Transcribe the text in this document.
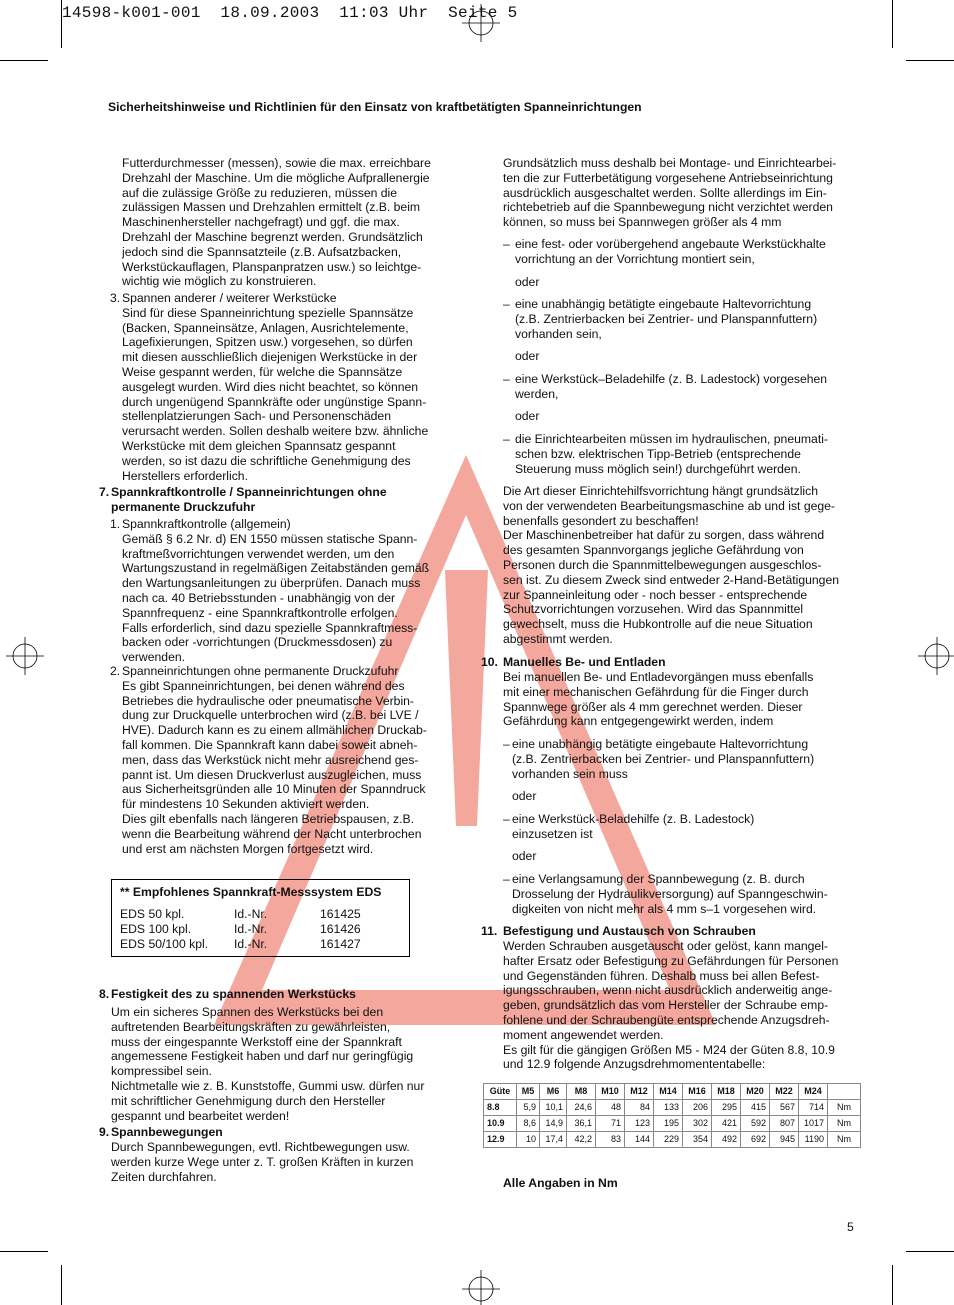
14598-k001-001  18.09.2003  11:03 Uhr  Seite 5
Sicherheitshinweise und Richtlinien für den Einsatz von kraftbetätigten Spanneinrichtungen

Futterdurchmesser (messen), sowie die max. erreichbare

Drehzahl der Maschine. Um die mögliche Aufprallenergie

auf die zulässige Größe zu reduzieren, müssen die

zulässigen Massen und Drehzahlen ermittelt (z.B. beim

Maschinenhersteller nachgefragt) und ggf. die max.

Drehzahl der Maschine begrenzt werden. Grundsätzlich

jedoch sind die Spannsatzteile (z.B. Aufsatzbacken,

Werkstückauflagen, Planspanpratzen usw.) so leichtge-

wichtig wie möglich zu konstruieren.

3. Spannen anderer / weiterer Werkstücke

Sind für diese Spanneinrichtung spezielle Spannsätze

(Backen, Spanneinsätze, Anlagen, Ausrichtelemente,

Lagefixierungen, Spitzen usw.) vorgesehen, so dürfen

mit diesen ausschließlich diejenigen Werkstücke in der

Weise gespannt werden, für welche die Spannsätze

ausgelegt wurden. Wird dies nicht beachtet, so können

durch ungenügend Spannkräfte oder ungünstige Spann-

stellenplatzierungen Sach- und Personenschäden

verursacht werden. Sollen deshalb weitere bzw. ähnliche

Werkstücke mit dem gleichen Spannsatz gespannt

werden, so ist dazu die schriftliche Genehmigung des

Herstellers erforderlich.

7. Spannkraftkontrolle / Spanneinrichtungen ohne

permanente Druckzufuhr

1. Spannkraftkontrolle (allgemein)

Gemäß § 6.2 Nr. d) EN 1550 müssen statische Spann-

kraftmeßvorrichtungen verwendet werden, um den

Wartungszustand in regelmäßigen Zeitabständen gemäß

den Wartungsanleitungen zu überprüfen. Danach muss

nach ca. 40 Betriebsstunden - unabhängig von der

Spannfrequenz - eine Spannkraftkontrolle erfolgen.

Falls erforderlich, sind dazu spezielle Spannkraftmess-

backen oder -vorrichtungen (Druckmessdosen) zu

verwenden.

2. Spanneinrichtungen ohne permanente Druckzufuhr

Es gibt Spanneinrichtungen, bei denen während des

Betriebes die hydraulische oder pneumatische Verbin-

dung zur Druckquelle unterbrochen wird (z.B. bei LVE /

HVE). Dadurch kann es zu einem allmählichen Druckab-

fall kommen. Die Spannkraft kann dabei soweit abneh-

men, dass das Werkstück nicht mehr ausreichend ges-

pannt ist. Um diesen Druckverlust auszugleichen, muss

aus Sicherheitsgründen alle 10 Minuten der Spanndruck

für mindestens 10 Sekunden aktiviert werden.

Dies gilt ebenfalls nach längeren Betriebspausen, z.B.

wenn die Bearbeitung während der Nacht unterbrochen

und erst am nächsten Morgen fortgesetzt wird.

** Empfohlenes Spannkraft-Messsystem EDS
EDS 50 kpl.	Id.-Nr.	161425
EDS 100 kpl.	Id.-Nr.	161426
EDS 50/100 kpl. Id.-Nr.	161427
8. Festigkeit des zu spannenden Werkstücks

Um ein sicheres Spannen des Werkstücks bei den

auftretenden Bearbeitungskräften zu gewährleisten,

muss der eingespannte Werkstoff eine der Spannkraft

angemessene Festigkeit haben und darf nur geringfügig

kompressibel sein.

Nichtmetalle wie z. B. Kunststoffe, Gummi usw. dürfen nur

mit schriftlicher Genehmigung durch den Hersteller

gespannt und bearbeitet werden!

9. Spannbewegungen

Durch Spannbewegungen, evtl. Richtbewegungen usw.

werden kurze Wege unter z. T. großen Kräften in kurzen

Zeiten durchfahren.

Grundsätzlich muss deshalb bei Montage- und Einrichtearbei-

ten die zur Futterbetätigung vorgesehene Antriebseinrichtung

ausdrücklich ausgeschaltet werden. Sollte allerdings im Ein-

richtebetrieb auf die Spannbewegung nicht verzichtet werden

können, so muss bei Spannwegen größer als 4 mm

– eine fest- oder vorübergehend angebaute Werkstückhalte

vorrichtung an der Vorrichtung montiert sein,

oder
– eine unabhängig betätigte eingebaute Haltevorrichtung

(z.B. Zentrierbacken bei Zentrier- und Planspannfuttern)

vorhanden sein,

oder
– eine Werkstück–Beladehilfe (z. B. Ladestock) vorgesehen

werden,

oder
– die Einrichtearbeiten müssen im hydraulischen, pneumati-

schen bzw. elektrischen Tipp-Betrieb (entsprechende

Steuerung muss möglich sein!) durchgeführt werden.

Die Art dieser Einrichtehilfsvorrichtung hängt grundsätzlich

von der verwendeten Bearbeitungsmaschine ab und ist gege-

benenfalls gesondert zu beschaffen!

Der Maschinenbetreiber hat dafür zu sorgen, dass während

des gesamten Spannvorgangs jegliche Gefährdung von

Personen durch die Spannmittelbewegungen ausgeschlos-

sen ist. Zu diesem Zweck sind entweder 2-Hand-Betätigungen

zur Spanneinleitung oder - noch besser - entsprechende

Schutzvorrichtungen vorzusehen. Wird das Spannmittel

gewechselt, muss die Hubkontrolle auf die neue Situation

abgestimmt werden.

10. Manuelles Be- und Entladen

Bei manuellen Be- und Entladevorgängen muss ebenfalls

mit einer mechanischen Gefährdung für die Finger durch

Spannwege größer als 4 mm gerechnet werden. Dieser

Gefährdung kann entgegengewirkt werden, indem

– eine unabhängig betätigte eingebaute Haltevorrichtung

(z.B. Zentrierbacken bei Zentrier- und Planspannfuttern)

vorhanden sein muss

oder
– eine Werkstück-Beladehilfe (z. B. Ladestock)

einzusetzen ist

oder
– eine Verlangsamung der Spannbewegung (z. B. durch

Drosselung der Hydraulikversorgung) auf Spanngeschwin-

digkeiten von nicht mehr als 4 mm s–1 vorgesehen wird.

11. Befestigung und Austausch von Schrauben

Werden Schrauben ausgetauscht oder gelöst, kann mangel-

hafter Ersatz oder Befestigung zu Gefährdungen für Personen

und Gegenständen führen. Deshalb muss bei allen Befest-

igungsschrauben, wenn nicht ausdrücklich anderweitig ange-

geben, grundsätzlich das vom Hersteller der Schraube emp-

fohlene und der Schraubengüte entsprechende Anzugsdreh-

moment angewendet werden.

Es gilt für die gängigen Größen M5 - M24 der Güten 8.8, 10.9

und 12.9 folgende Anzugsdrehmomententabelle:

Güte	M5	M6	M8	M10	M12	M14	M16	M18	M20	M22	M24	
8.8	5,9	10,1	24,6	48	84	133	206	295	415	567	714	Nm
10.9	8,6	14,9	36,1	71	123	195	302	421	592	807	1017	Nm
12.9	10	17,4	42,2	83	144	229	354	492	692	945	1190	Nm
Alle Angaben in Nm
5
